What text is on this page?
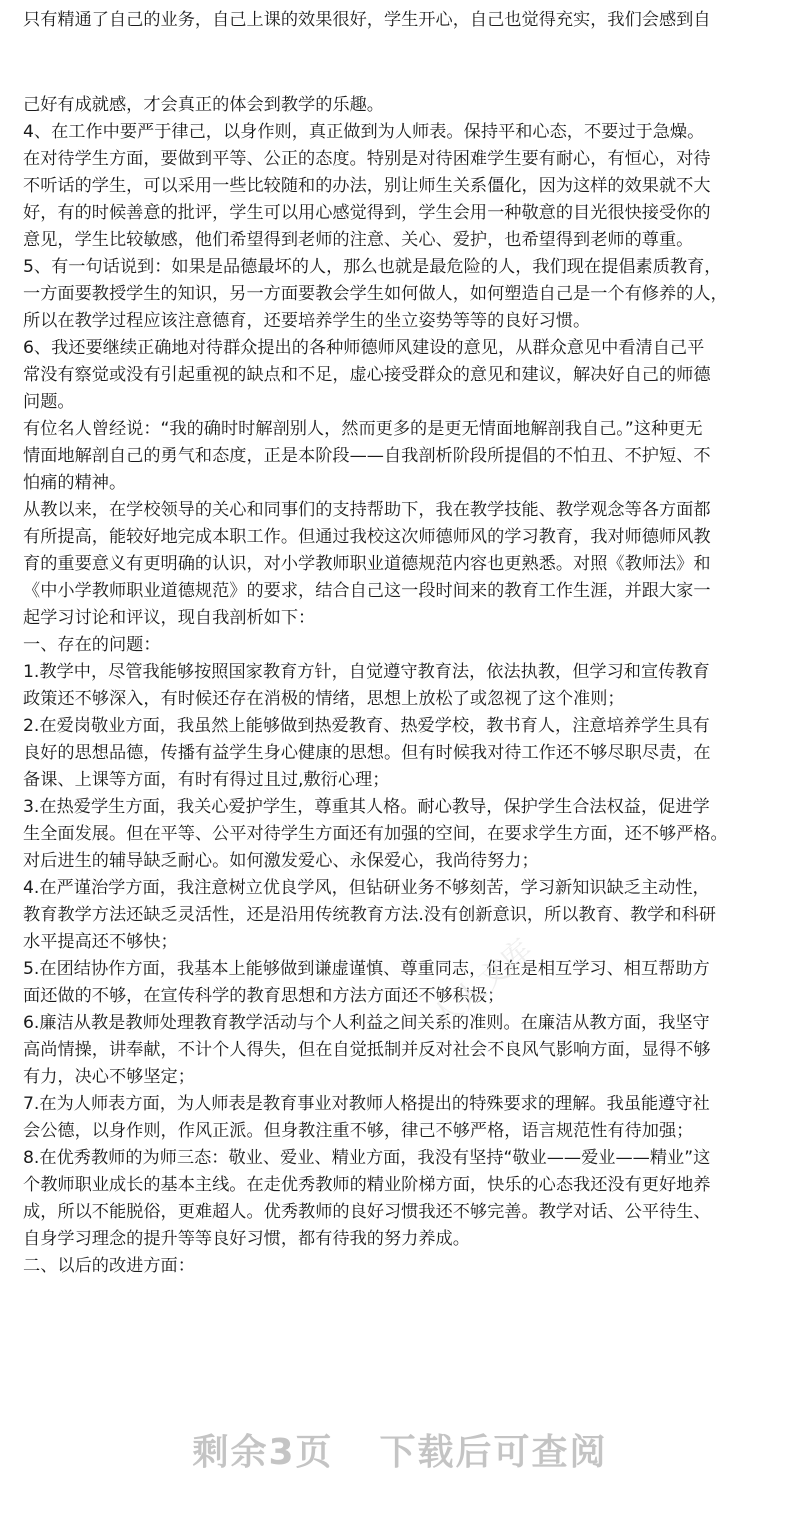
只有精通了自己的业务，自己上课的效果很好，学生开心，自己也觉得充实，我们会感到自
己好有成就感，才会真正的体会到教学的乐趣。
4、在工作中要严于律己，以身作则，真正做到为人师表。保持平和心态，不要过于急燥。
在对待学生方面，要做到平等、公正的态度。特别是对待困难学生要有耐心，有恒心，对待
不听话的学生，可以采用一些比较随和的办法，别让师生关系僵化，因为这样的效果就不大
好，有的时候善意的批评，学生可以用心感觉得到，学生会用一种敬意的目光很快接受你的
意见，学生比较敏感，他们希望得到老师的注意、关心、爱护，也希望得到老师的尊重。
5、有一句话说到：如果是品德最坏的人，那么也就是最危险的人，我们现在提倡素质教育，
一方面要教授学生的知识，另一方面要教会学生如何做人，如何塑造自己是一个有修养的人，
所以在教学过程应该注意德育，还要培养学生的坐立姿势等等的良好习惯。
6、我还要继续正确地对待群众提出的各种师德师风建设的意见，从群众意见中看清自己平
常没有察觉或没有引起重视的缺点和不足，虚心接受群众的意见和建议，解决好自己的师德
问题。
有位名人曾经说：“我的确时时解剖别人，然而更多的是更无情面地解剖我自己。”这种更无
情面地解剖自己的勇气和态度，正是本阶段——自我剖析阶段所提倡的不怕丑、不护短、不
怕痛的精神。
从教以来，在学校领导的关心和同事们的支持帮助下，我在教学技能、教学观念等各方面都
有所提高，能较好地完成本职工作。但通过我校这次师德师风的学习教育，我对师德师风教
育的重要意义有更明确的认识，对小学教师职业道德规范内容也更熟悉。对照《教师法》和
《中小学教师职业道德规范》的要求，结合自己这一段时间来的教育工作生涯，并跟大家一
起学习讨论和评议，现自我剖析如下：
一、存在的问题：
1.教学中，尽管我能够按照国家教育方针，自觉遵守教育法，依法执教，但学习和宣传教育
政策还不够深入，有时候还存在消极的情绪，思想上放松了或忽视了这个准则；
2.在爱岗敬业方面，我虽然上能够做到热爱教育、热爱学校，教书育人，注意培养学生具有
良好的思想品德，传播有益学生身心健康的思想。但有时候我对待工作还不够尽职尽责，在
备课、上课等方面，有时有得过且过,敷衍心理；
3.在热爱学生方面，我关心爱护学生，尊重其人格。耐心教导，保护学生合法权益，促进学
生全面发展。但在平等、公平对待学生方面还有加强的空间，在要求学生方面，还不够严格。
对后进生的辅导缺乏耐心。如何激发爱心、永保爱心，我尚待努力；
4.在严谨治学方面，我注意树立优良学风，但钻研业务不够刻苦，学习新知识缺乏主动性，
教育教学方法还缺乏灵活性，还是沿用传统教育方法.没有创新意识，所以教育、教学和科研
水平提高还不够快；
5.在团结协作方面，我基本上能够做到谦虚谨慎、尊重同志，但在是相互学习、相互帮助方
面还做的不够，在宣传科学的教育思想和方法方面还不够积极；
6.廉洁从教是教师处理教育教学活动与个人利益之间关系的准则。在廉洁从教方面，我坚守
高尚情操，讲奉献，不计个人得失，但在自觉抵制并反对社会不良风气影响方面，显得不够
有力，决心不够坚定；
7.在为人师表方面，为人师表是教育事业对教师人格提出的特殊要求的理解。我虽能遵守社
会公德，以身作则，作风正派。但身教注重不够，律己不够严格，语言规范性有待加强；
8.在优秀教师的为师三态：敬业、爱业、精业方面，我没有坚持“敬业——爱业——精业”这
个教师职业成长的基本主线。在走优秀教师的精业阶梯方面，快乐的心态我还没有更好地养
成，所以不能脱俗，更难超人。优秀教师的良好习惯我还不够完善。教学对话、公平待生、
自身学习理念的提升等等良好习惯，都有待我的努力养成。
二、以后的改进方面：
人人文库
剩余3页 下载后可查阅
